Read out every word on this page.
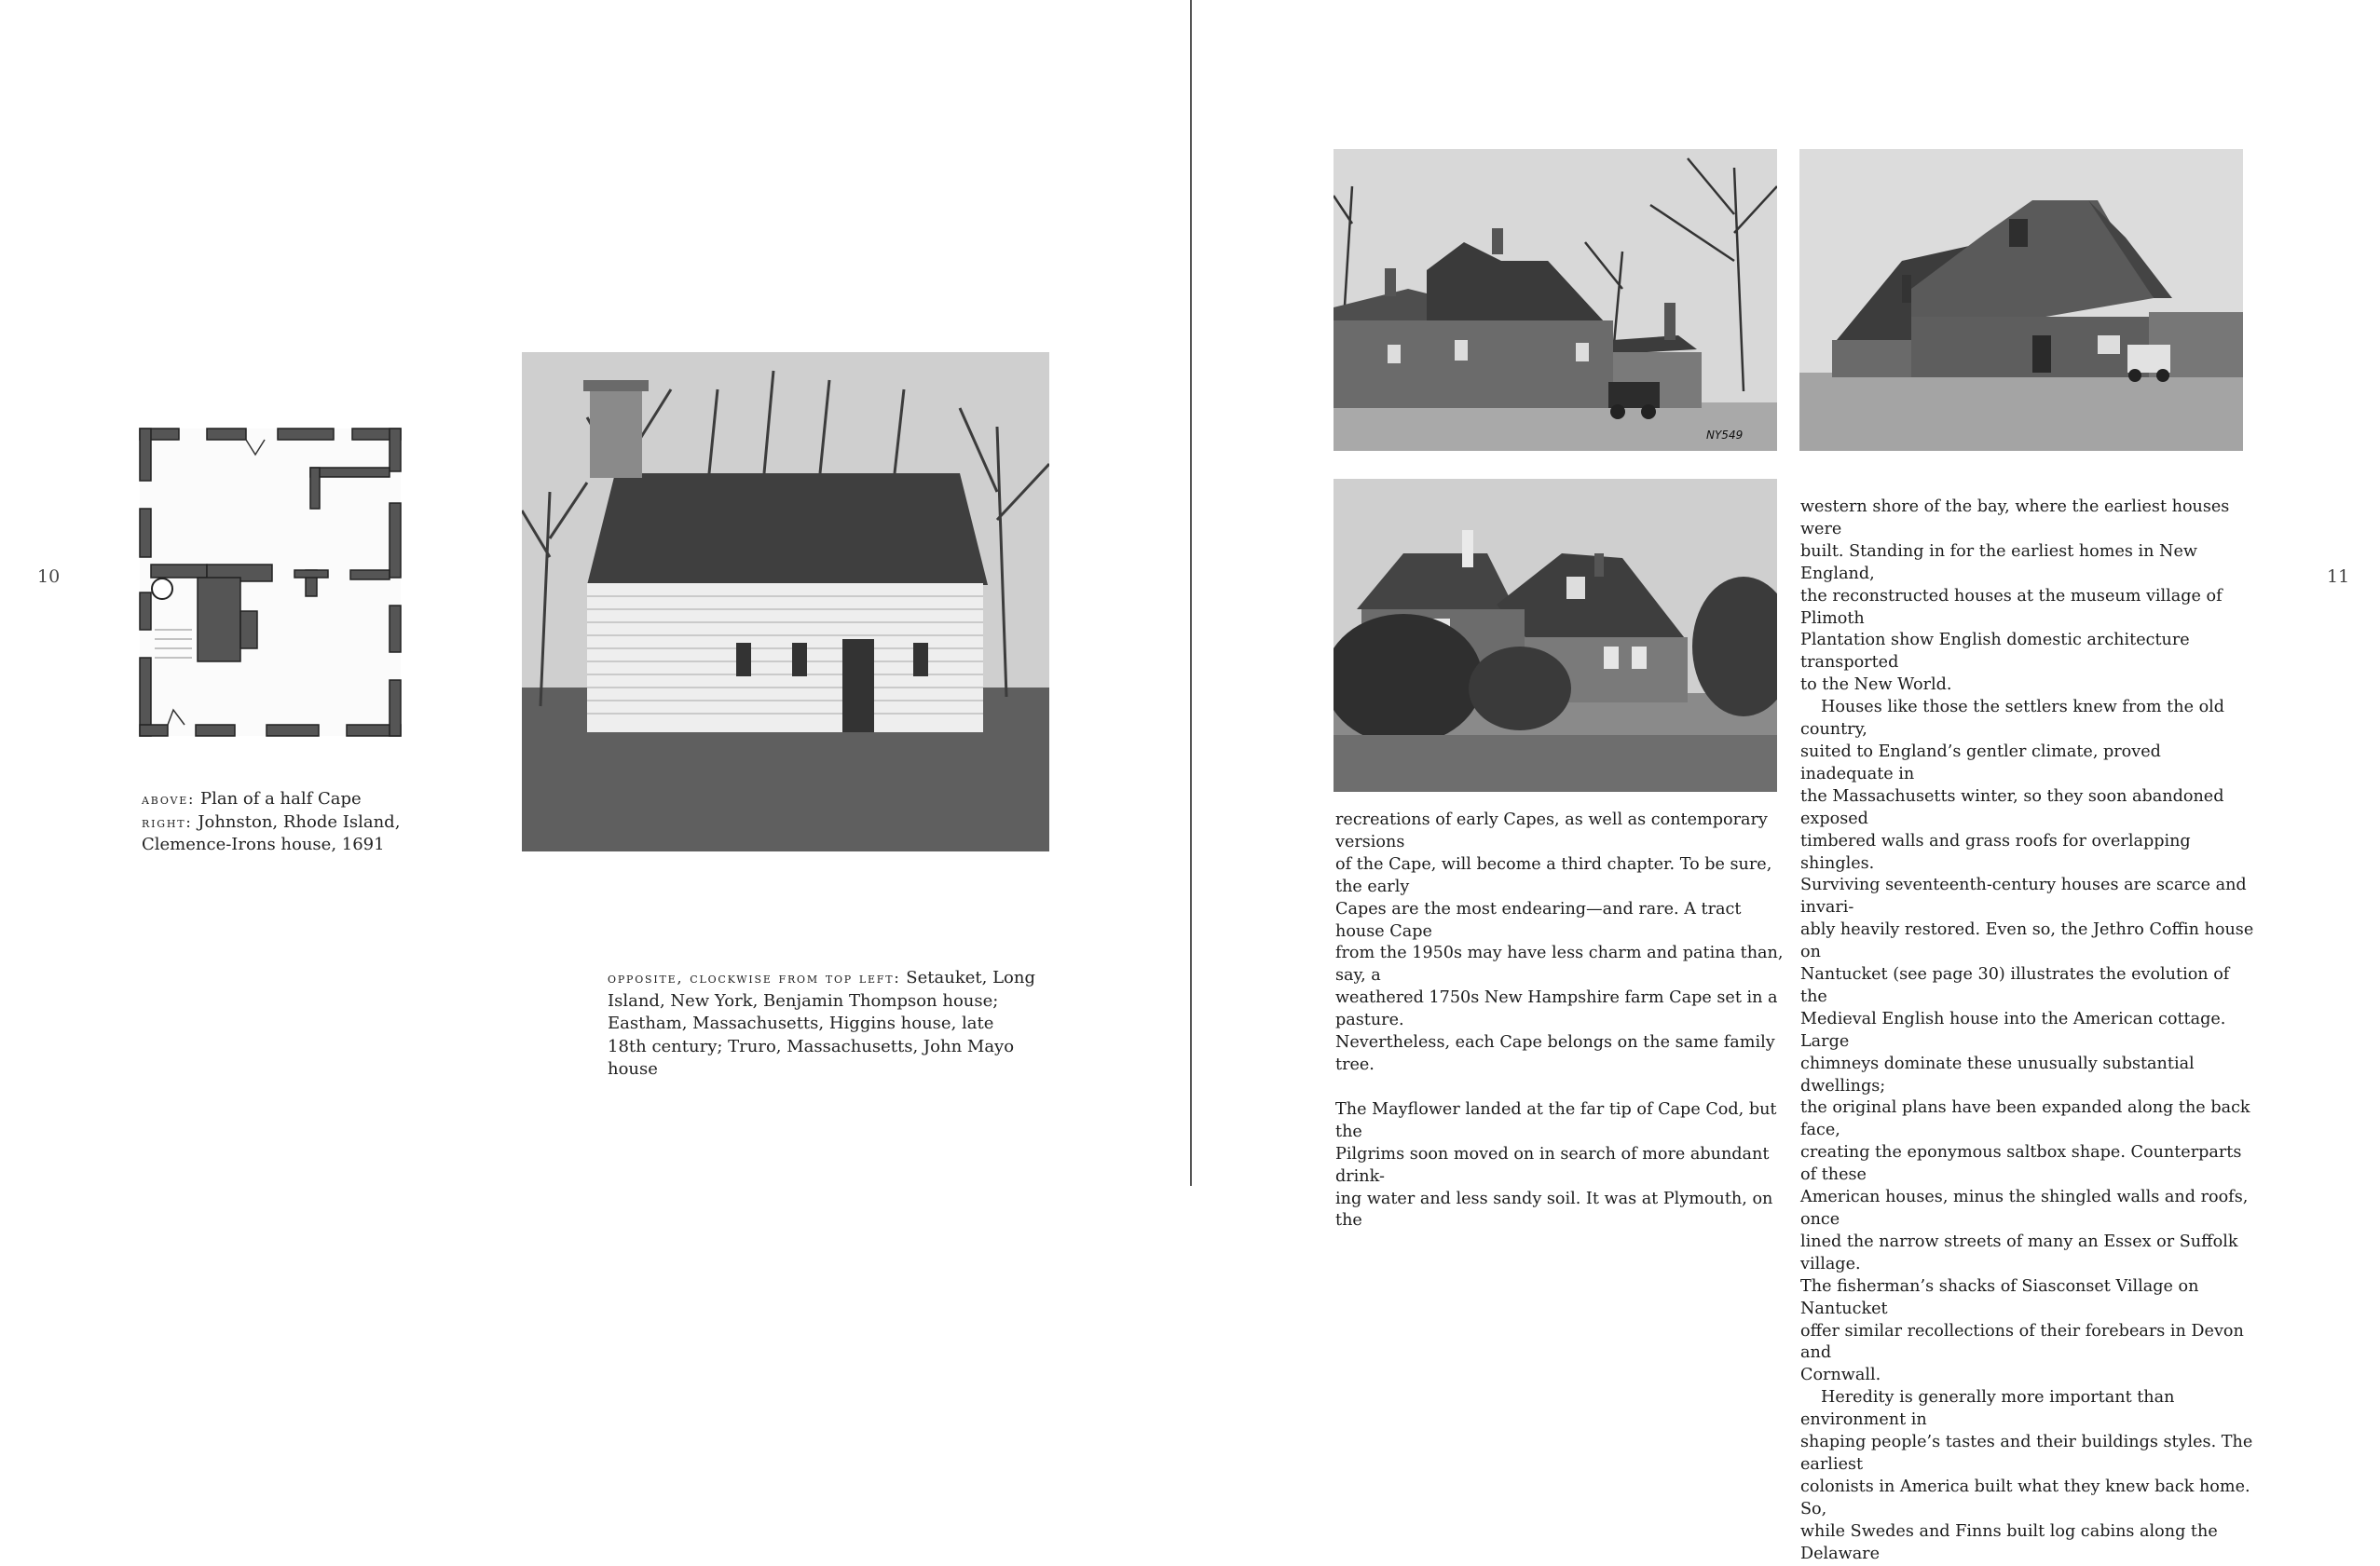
10	11
above: Plan of a half Cape
right: Johnston, Rhode Island, Clemence-Irons house, 1691
opposite, clockwise from top left: Setauket, Long Island, New York, Benjamin Thompson house; Eastham, Massachusetts, Higgins house, late 18th century; Truro, Massachusetts, John Mayo house
NY549

recreations of early Capes, as well as contemporary versions

of the Cape, will become a third chapter. To be sure, the early

Capes are the most endearing—and rare. A tract house Cape

from the 1950s may have less charm and patina than, say, a

weathered 1750s New Hampshire farm Cape set in a pasture.

Nevertheless, each Cape belongs on the same family tree.

The Mayflower landed at the far tip of Cape Cod, but the

Pilgrims soon moved on in search of more abundant drink-

ing water and less sandy soil. It was at Plymouth, on the

western shore of the bay, where the earliest houses were

built. Standing in for the earliest homes in New England,

the reconstructed houses at the museum village of Plimoth

Plantation show English domestic architecture transported

to the New World.

Houses like those the settlers knew from the old country,

suited to England’s gentler climate, proved inadequate in

the Massachusetts winter, so they soon abandoned exposed

timbered walls and grass roofs for overlapping shingles.

Surviving seventeenth-century houses are scarce and invari-

ably heavily restored. Even so, the Jethro Coffin house on

Nantucket (see page 30) illustrates the evolution of the

Medieval English house into the American cottage. Large

chimneys dominate these unusually substantial dwellings;

the original plans have been expanded along the back face,

creating the eponymous saltbox shape. Counterparts of these

American houses, minus the shingled walls and roofs, once

lined the narrow streets of many an Essex or Suffolk village.

The fisherman’s shacks of Siasconset Village on Nantucket

offer similar recollections of their forebears in Devon and

Cornwall.

Heredity is generally more important than environment in

shaping people’s tastes and their buildings styles. The earliest

colonists in America built what they knew back home. So,

while Swedes and Finns built log cabins along the Delaware
